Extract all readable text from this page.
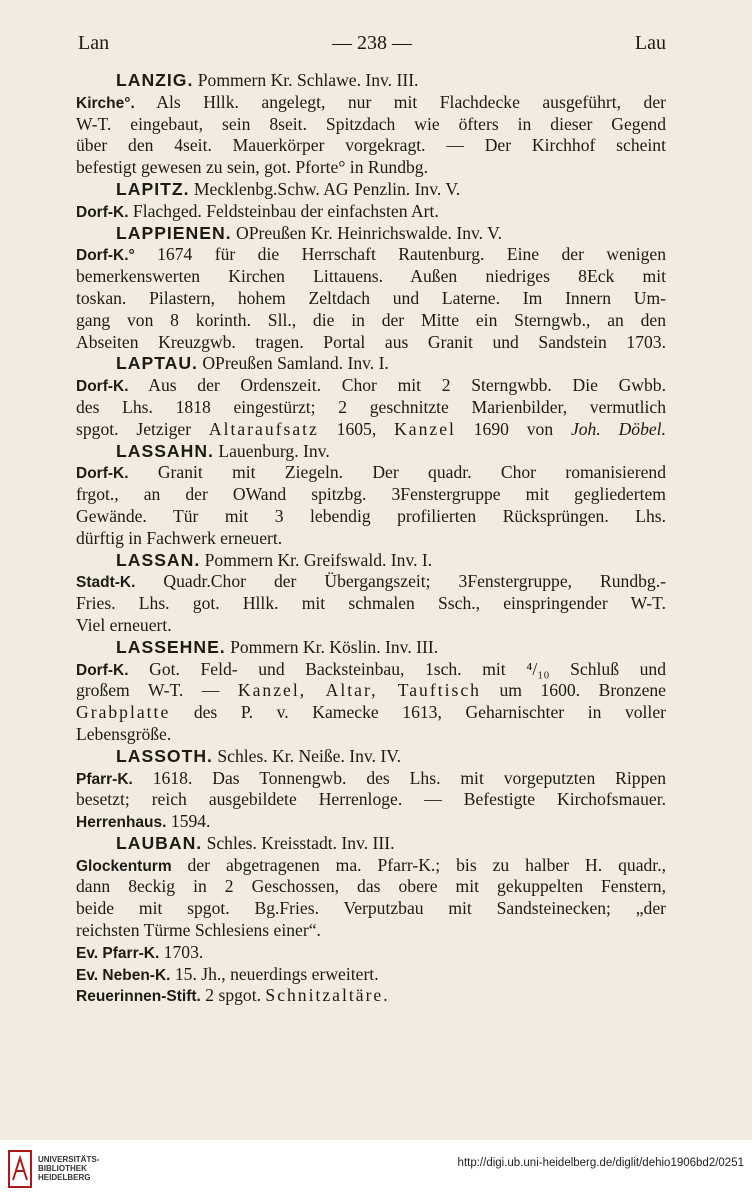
Lan	— 238 —	Lau
LANZIG. Pommern Kr. Schlawe. Inv. III.
Kirche°. Als Hllk. angelegt, nur mit Flachdecke ausgeführt, der
W-T. eingebaut, sein 8seit. Spitzdach wie öfters in dieser Gegend
über den 4seit. Mauerkörper vorgekragt. — Der Kirchhof scheint
befestigt gewesen zu sein, got. Pforte° in Rundbg.
LAPITZ. Mecklenbg.Schw. AG Penzlin. Inv. V.
Dorf-K. Flachged. Feldsteinbau der einfachsten Art.
LAPPIENEN. OPreußen Kr. Heinrichswalde. Inv. V.
Dorf-K.° 1674 für die Herrschaft Rautenburg. Eine der wenigen
bemerkenswerten Kirchen Littauens. Außen niedriges 8Eck mit
toskan. Pilastern, hohem Zeltdach und Laterne. Im Innern Um-
gang von 8 korinth. Sll., die in der Mitte ein Sterngwb., an den
Abseiten Kreuzgwb. tragen. Portal aus Granit und Sandstein 1703.
LAPTAU. OPreußen Samland. Inv. I.
Dorf-K. Aus der Ordenszeit. Chor mit 2 Sterngwbb. Die Gwbb.
des Lhs. 1818 eingestürzt; 2 geschnitzte Marienbilder, vermutlich
spgot. Jetziger Altaraufsatz 1605, Kanzel 1690 von Joh. Döbel.
LASSAHN. Lauenburg. Inv.
Dorf-K. Granit mit Ziegeln. Der quadr. Chor romanisierend
frgot., an der OWand spitzbg. 3Fenstergruppe mit gegliedertem
Gewände. Tür mit 3 lebendig profilierten Rücksprüngen. Lhs.
dürftig in Fachwerk erneuert.
LASSAN. Pommern Kr. Greifswald. Inv. I.
Stadt-K. Quadr.Chor der Übergangszeit; 3Fenstergruppe, Rundbg.-
Fries. Lhs. got. Hllk. mit schmalen Ssch., einspringender W-T.
Viel erneuert.
LASSEHNE. Pommern Kr. Köslin. Inv. III.
Dorf-K. Got. Feld- und Backsteinbau, 1sch. mit ⁴/₁₀ Schluß und
großem W-T. — Kanzel, Altar, Tauftisch um 1600. Bronzene
Grabplatte des P. v. Kamecke 1613, Geharnischter in voller
Lebensgröße.
LASSOTH. Schles. Kr. Neiße. Inv. IV.
Pfarr-K. 1618. Das Tonnengwb. des Lhs. mit vorgeputzten Rippen
besetzt; reich ausgebildete Herrenloge. — Befestigte Kirchofsmauer.
Herrenhaus. 1594.
LAUBAN. Schles. Kreisstadt. Inv. III.
Glockenturm der abgetragenen ma. Pfarr-K.; bis zu halber H. quadr.,
dann 8eckig in 2 Geschossen, das obere mit gekuppelten Fenstern,
beide mit spgot. Bg.Fries. Verputzbau mit Sandsteinecken; „der
reichsten Türme Schlesiens einer“.
Ev. Pfarr-K. 1703.
Ev. Neben-K. 15. Jh., neuerdings erweitert.
Reuerinnen-Stift. 2 spgot. Schnitzaltäre.
UNIVERSITÄTS-
BIBLIOTHEK
HEIDELBERG
http://digi.ub.uni-heidelberg.de/diglit/dehio1906bd2/0251
